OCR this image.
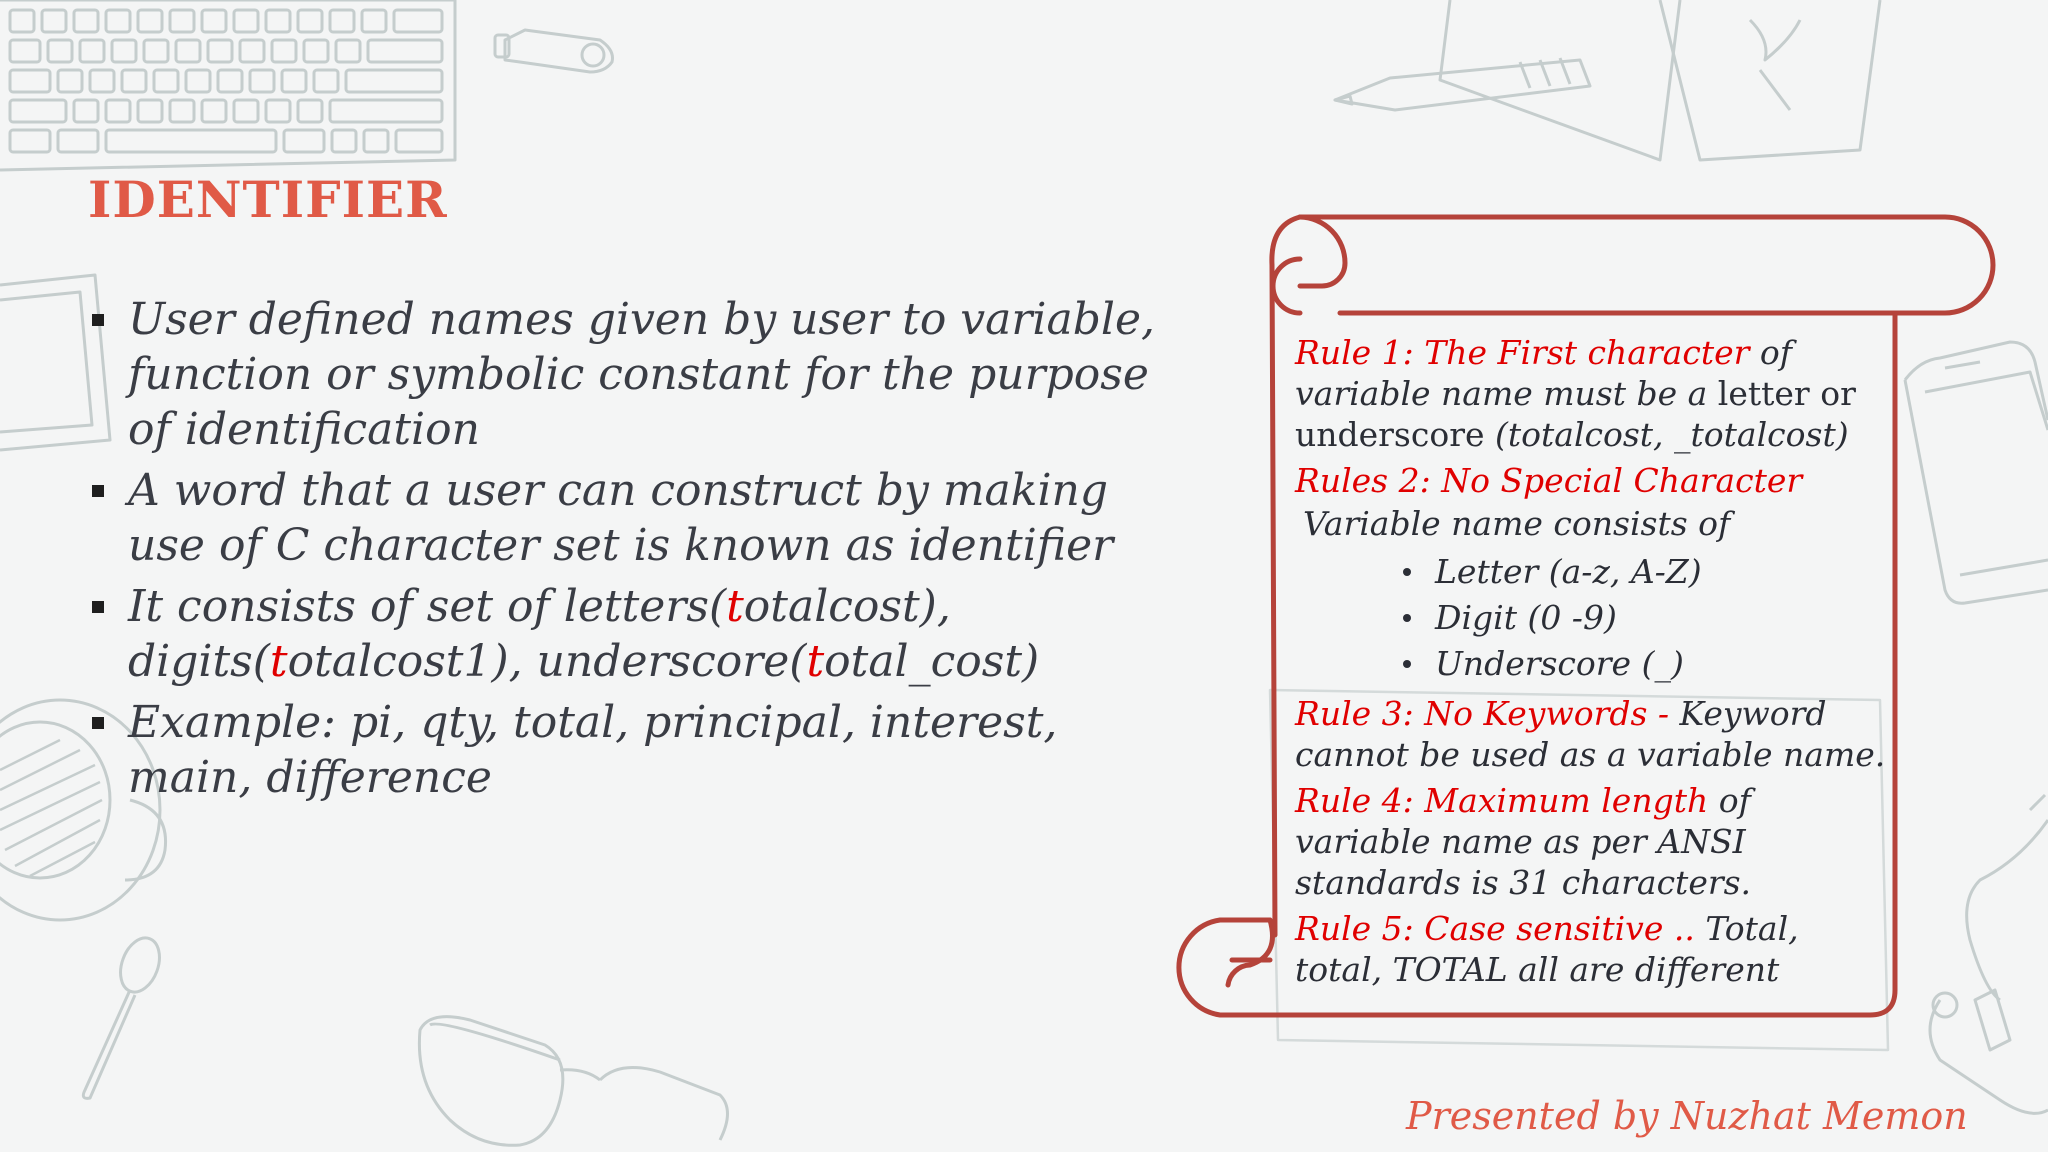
IDENTIFIER
User defined names given by user to variable, function or symbolic constant for the purpose of identification
A word that a user can construct by making use of C character set is known as identifier
It consists of set of letters(totalcost), digits(totalcost1), underscore(total_cost)
Example: pi, qty, total, principal, interest, main, difference

Rule 1: The First character of variable name must be a letter or underscore (totalcost, _totalcost)

Rules 2: No Special Character

Variable name consists of

Letter (a-z, A-Z)
Digit (0 -9)
Underscore (_)

Rule 3: No Keywords - Keyword cannot be used as a variable name.

Rule 4: Maximum length of variable name as per ANSI standards is 31 characters.

Rule 5: Case sensitive .. Total, total, TOTAL all are different

Presented by Nuzhat Memon
